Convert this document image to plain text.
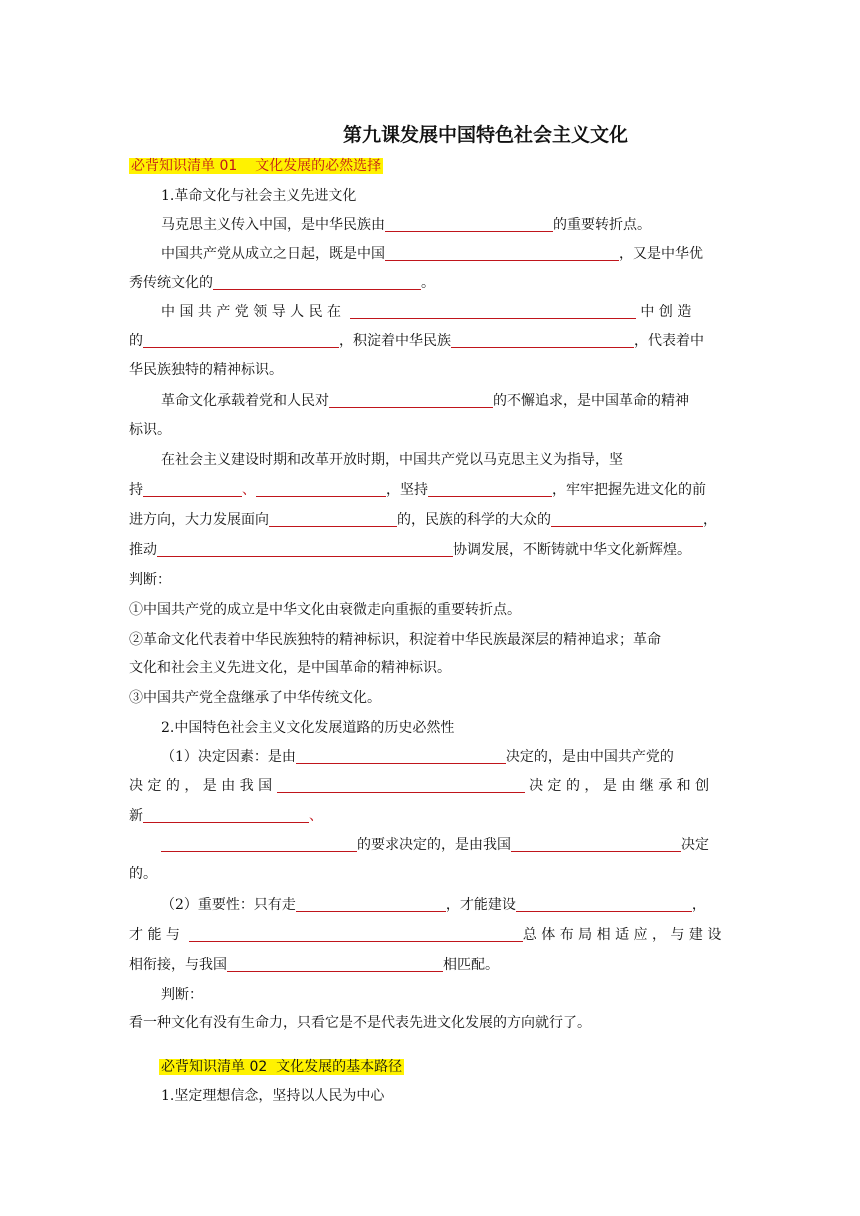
第九课发展中国特色社会主义文化
必背知识清单 01 文化发展的必然选择
1.革命文化与社会主义先进文化
马克思主义传入中国，是中华民族由	的重要转折点。
中国共产党从成立之日起，既是中国	，又是中华优
秀传统文化的	。
中 国 共 产 党 领 导 人 民 在	中 创 造
的	，积淀着中华民族	，代表着中
华民族独特的精神标识。
革命文化承载着党和人民对	的不懈追求，是中国革命的精神
标识。
在社会主义建设时期和改革开放时期，中国共产党以马克思主义为指导，坚
持	、	，坚持	，牢牢把握先进文化的前
进方向，大力发展面向	的，民族的科学的大众的	，
推动	协调发展，不断铸就中华文化新辉煌。
判断：
①中国共产党的成立是中华文化由衰微走向重振的重要转折点。
②革命文化代表着中华民族独特的精神标识，积淀着中华民族最深层的精神追求；革命
文化和社会主义先进文化，是中国革命的精神标识。
③中国共产党全盘继承了中华传统文化。
2.中国特色社会主义文化发展道路的历史必然性
（1）决定因素：是由	决定的，是由中国共产党的
决 定 的 ， 是 由 我 国	决 定 的 ， 是 由 继 承 和 创
新	、
的要求决定的，是由我国	决定
的。
（2）重要性：只有走	，才能建设	，
才 能 与	总 体 布 局 相 适 应 ， 与 建 设
相衔接，与我国	相匹配。
判断：
看一种文化有没有生命力，只看它是不是代表先进文化发展的方向就行了。
必背知识清单 02 文化发展的基本路径
1.坚定理想信念，坚持以人民为中心
